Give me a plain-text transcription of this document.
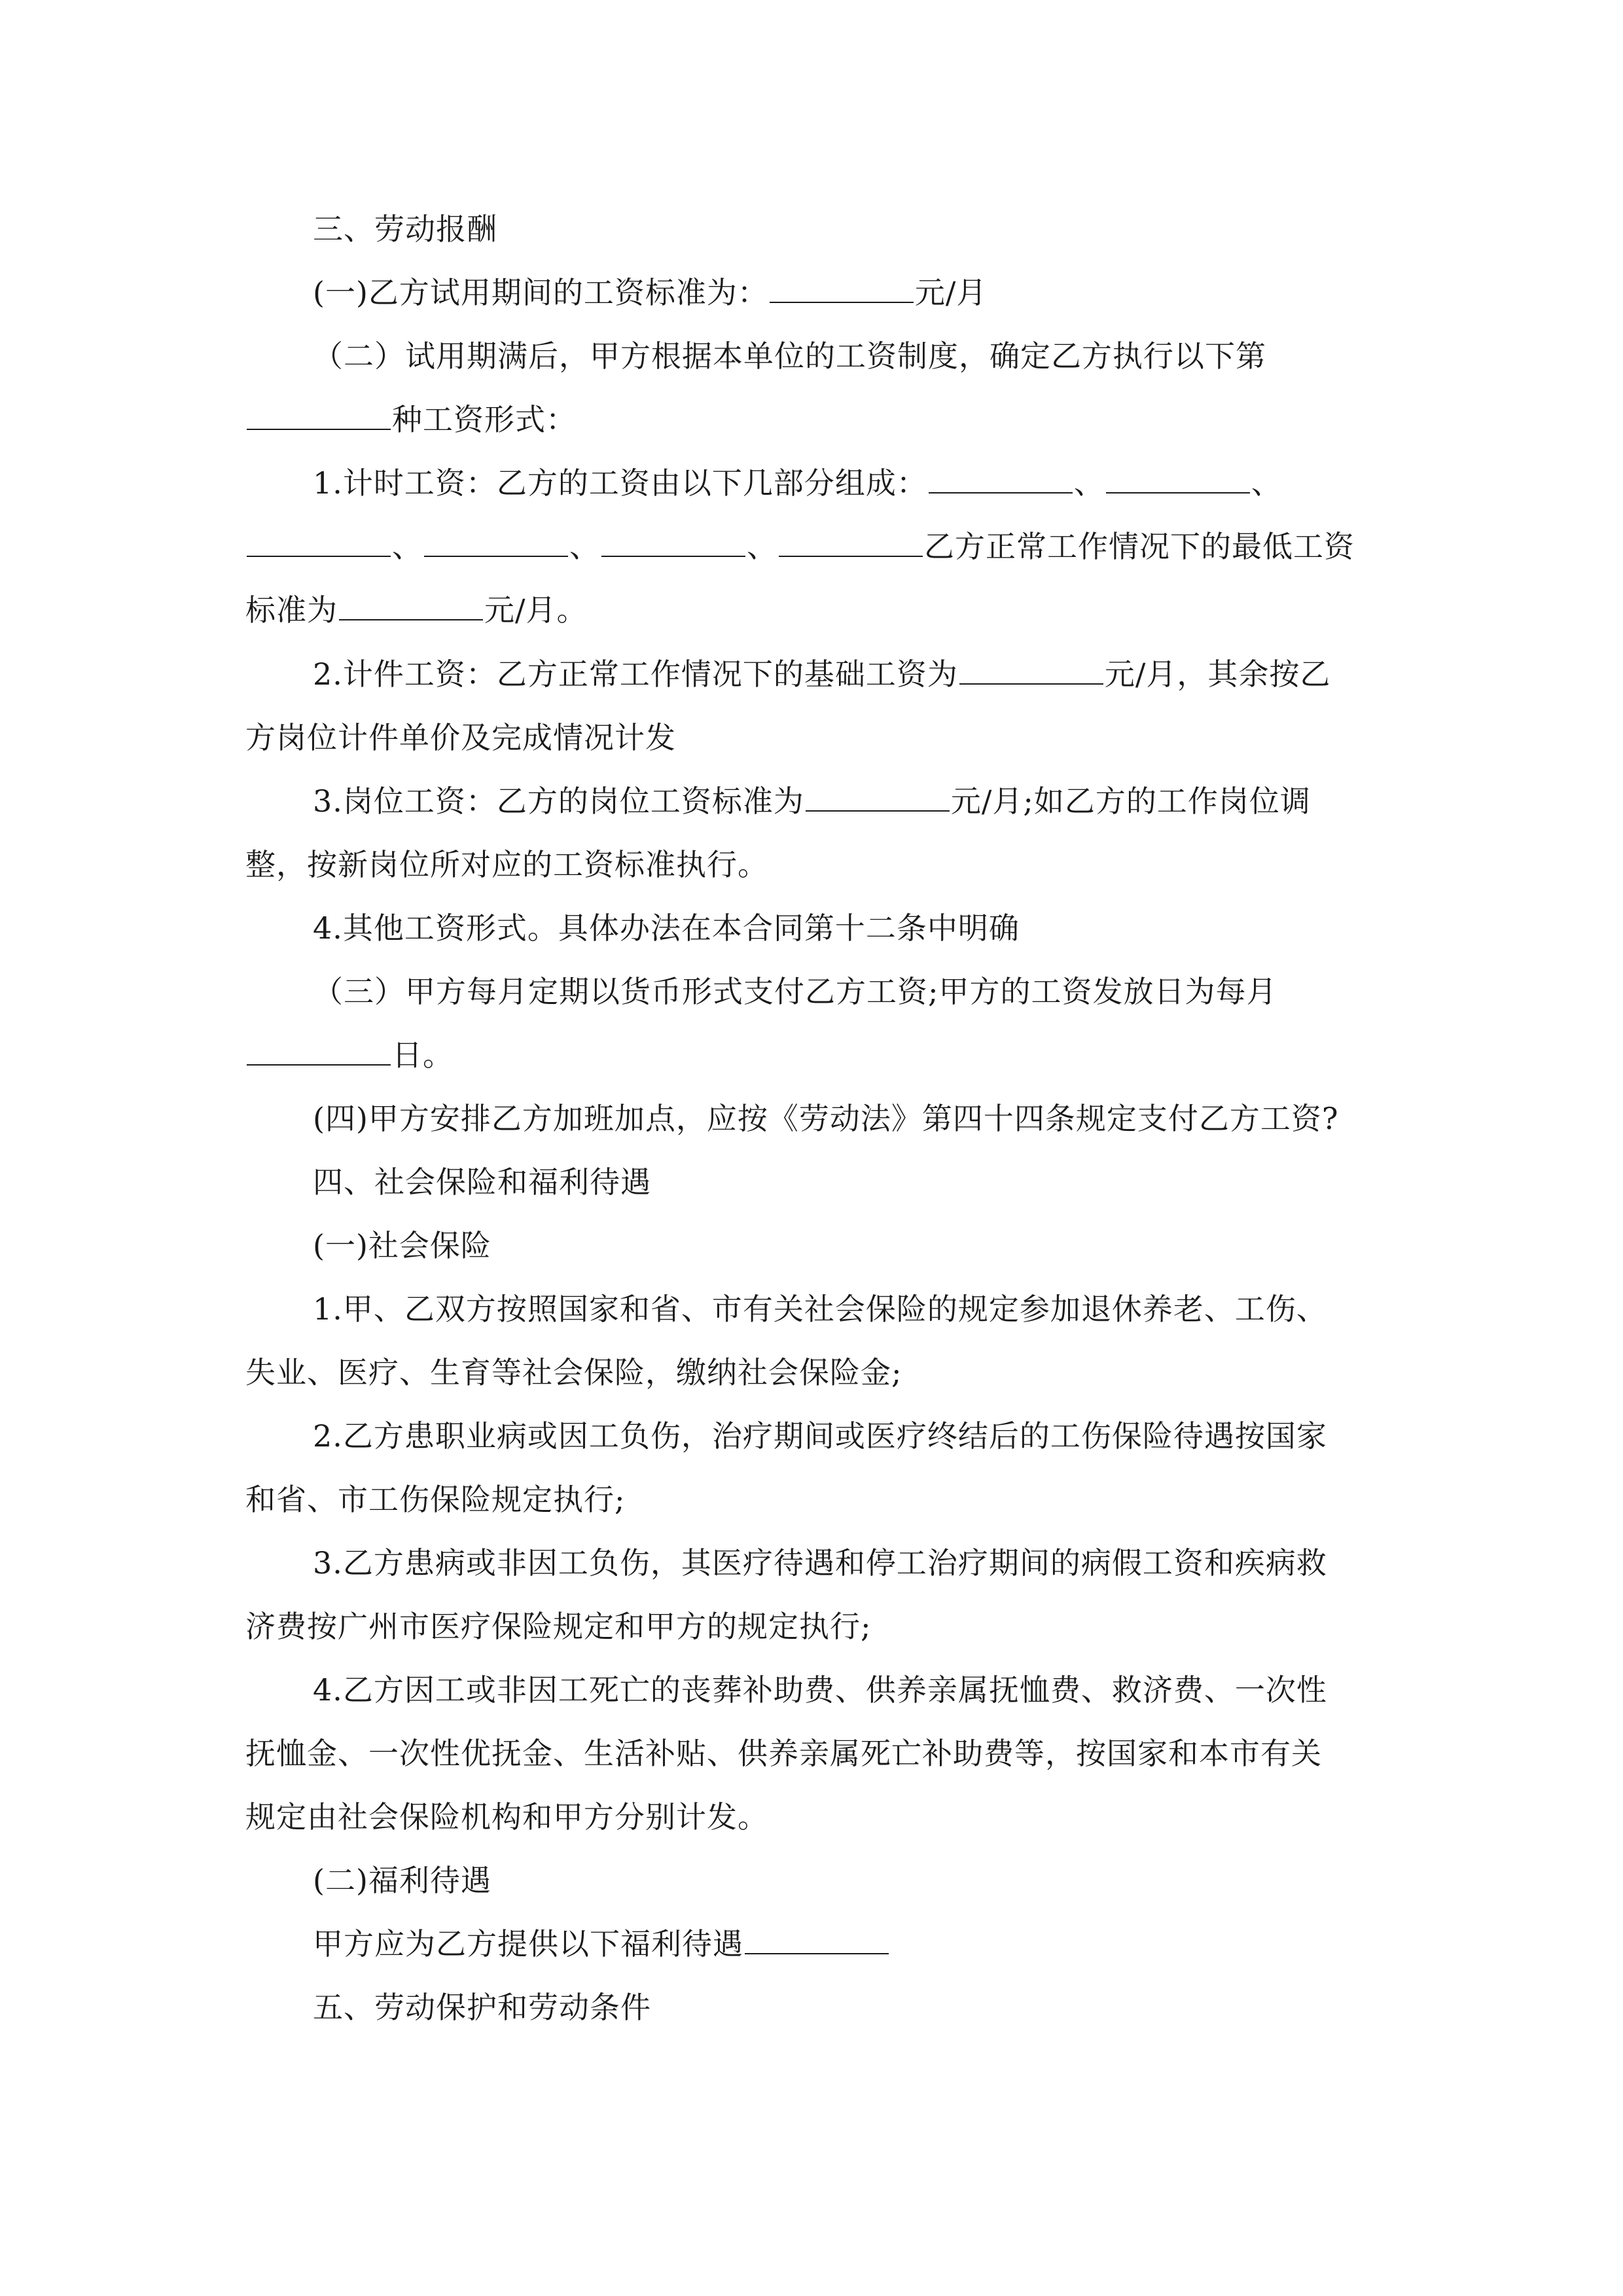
三、劳动报酬
(一)乙方试用期间的工资标准为：	元/月
（二）试用期满后，甲方根据本单位的工资制度，确定乙方执行以下第
种工资形式：
1.计时工资：乙方的工资由以下几部分组成：	、	、
、	、	、	乙方正常工作情况下的最低工资
标准为	元/月。
2.计件工资：乙方正常工作情况下的基础工资为	元/月，其余按乙
方岗位计件单价及完成情况计发
3.岗位工资：乙方的岗位工资标准为	元/月;如乙方的工作岗位调
整，按新岗位所对应的工资标准执行。
4.其他工资形式。具体办法在本合同第十二条中明确
（三）甲方每月定期以货币形式支付乙方工资;甲方的工资发放日为每月
日。
(四)甲方安排乙方加班加点，应按《劳动法》第四十四条规定支付乙方工资?
四、社会保险和福利待遇
(一)社会保险
1.甲、乙双方按照国家和省、市有关社会保险的规定参加退休养老、工伤、
失业、医疗、生育等社会保险，缴纳社会保险金;
2.乙方患职业病或因工负伤，治疗期间或医疗终结后的工伤保险待遇按国家
和省、市工伤保险规定执行;
3.乙方患病或非因工负伤，其医疗待遇和停工治疗期间的病假工资和疾病救
济费按广州市医疗保险规定和甲方的规定执行;
4.乙方因工或非因工死亡的丧葬补助费、供养亲属抚恤费、救济费、一次性
抚恤金、一次性优抚金、生活补贴、供养亲属死亡补助费等，按国家和本市有关
规定由社会保险机构和甲方分别计发。
(二)福利待遇
甲方应为乙方提供以下福利待遇
五、劳动保护和劳动条件
